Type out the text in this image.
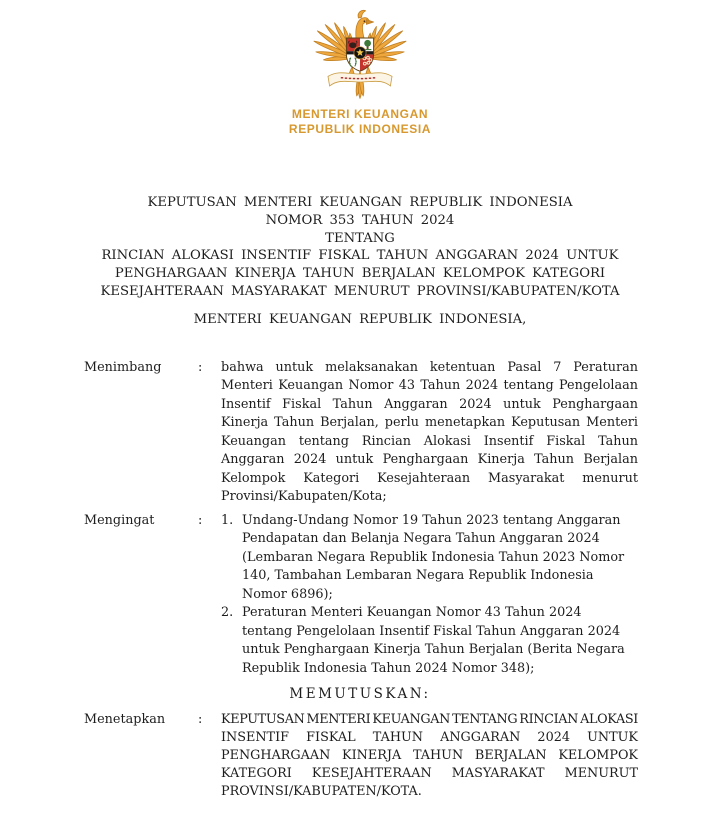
MENTERI KEUANGAN
REPUBLIK INDONESIA
KEPUTUSAN MENTERI KEUANGAN REPUBLIK INDONESIA
NOMOR 353 TAHUN 2024
TENTANG
RINCIAN ALOKASI INSENTIF FISKAL TAHUN ANGGARAN 2024 UNTUK
PENGHARGAAN KINERJA TAHUN BERJALAN KELOMPOK KATEGORI
KESEJAHTERAAN MASYARAKAT MENURUT PROVINSI/KABUPATEN/KOTA
MENTERI KEUANGAN REPUBLIK INDONESIA,
Menimbang	:	bahwa untuk melaksanakan ketentuan Pasal 7 Peraturan
Menteri Keuangan Nomor 43 Tahun 2024 tentang Pengelolaan
Insentif Fiskal Tahun Anggaran 2024 untuk Penghargaan
Kinerja Tahun Berjalan, perlu menetapkan Keputusan Menteri
Keuangan tentang Rincian Alokasi Insentif Fiskal Tahun
Anggaran 2024 untuk Penghargaan Kinerja Tahun Berjalan
Kelompok Kategori Kesejahteraan Masyarakat menurut
Provinsi/Kabupaten/Kota;
Mengingat	:	1. Undang-Undang Nomor 19 Tahun 2023 tentang Anggaran
Pendapatan dan Belanja Negara Tahun Anggaran 2024
(Lembaran Negara Republik Indonesia Tahun 2023 Nomor
140, Tambahan Lembaran Negara Republik Indonesia
Nomor 6896);
2. Peraturan Menteri Keuangan Nomor 43 Tahun 2024
tentang Pengelolaan Insentif Fiskal Tahun Anggaran 2024
untuk Penghargaan Kinerja Tahun Berjalan (Berita Negara
Republik Indonesia Tahun 2024 Nomor 348);
MEMUTUSKAN:
Menetapkan	:	KEPUTUSAN MENTERI KEUANGAN TENTANG RINCIAN ALOKASI
INSENTIF FISKAL TAHUN ANGGARAN 2024 UNTUK
PENGHARGAAN KINERJA TAHUN BERJALAN KELOMPOK
KATEGORI KESEJAHTERAAN MASYARAKAT MENURUT
PROVINSI/KABUPATEN/KOTA.
